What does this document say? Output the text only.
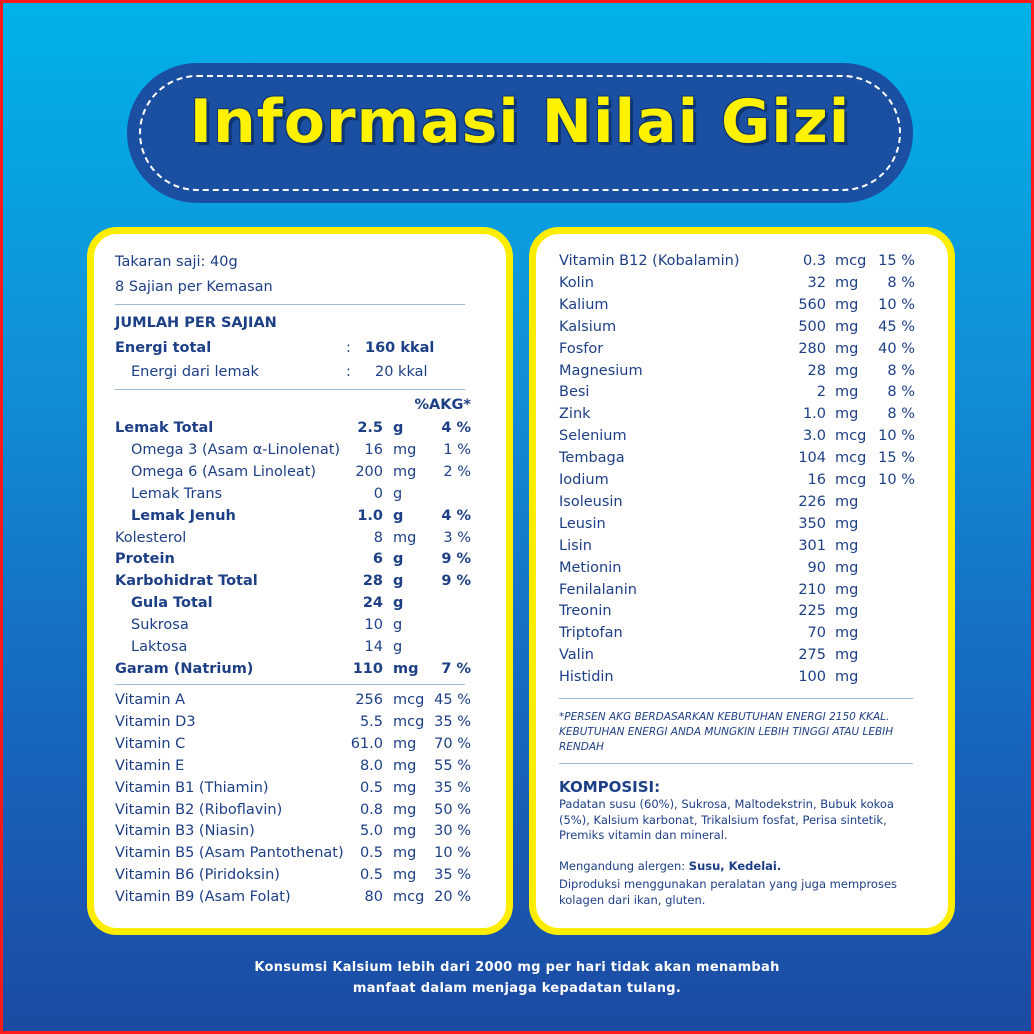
Informasi Nilai Gizi
Takaran saji: 40g
8 Sajian per Kemasan
JUMLAH PER SAJIAN
Energi total	: 160 kkal
Energi dari lemak	: 20 kkal
%AKG*
Lemak Total	2.5 g	4 %
Omega 3 (Asam α-Linolenat)	16 mg	1 %
Omega 6 (Asam Linoleat)	200 mg	2 %
Lemak Trans	0 g
Lemak Jenuh	1.0 g	4 %
Kolesterol	8 mg	3 %
Protein	6 g	9 %
Karbohidrat Total	28 g	9 %
Gula Total	24 g
Sukrosa	10 g
Laktosa	14 g
Garam (Natrium)	110 mg	7 %
Vitamin A	256 mcg 45 %
Vitamin D3	5.5 mcg 35 %
Vitamin C	61.0 mg	70 %
Vitamin E	8.0 mg	55 %
Vitamin B1 (Thiamin)	0.5 mg	35 %
Vitamin B2 (Riboflavin)	0.8 mg	50 %
Vitamin B3 (Niasin)	5.0 mg	30 %
Vitamin B5 (Asam Pantothenat)	0.5 mg	10 %
Vitamin B6 (Piridoksin)	0.5 mg	35 %
Vitamin B9 (Asam Folat)	80 mcg 20 %
Vitamin B12 (Kobalamin)	0.3 mcg 15 %
Kolin	32 mg	8 %
Kalium	560 mg	10 %
Kalsium	500 mg	45 %
Fosfor	280 mg	40 %
Magnesium	28 mg	8 %
Besi	2 mg	8 %
Zink	1.0 mg	8 %
Selenium	3.0 mcg 10 %
Tembaga	104 mcg 15 %
Iodium	16 mcg 10 %
Isoleusin	226 mg
Leusin	350 mg
Lisin	301 mg
Metionin	90 mg
Fenilalanin	210 mg
Treonin	225 mg
Triptofan	70 mg
Valin	275 mg
Histidin	100 mg
*PERSEN AKG BERDASARKAN KEBUTUHAN ENERGI 2150 KKAL.
KEBUTUHAN ENERGI ANDA MUNGKIN LEBIH TINGGI ATAU LEBIH
RENDAH
KOMPOSISI:
Padatan susu (60%), Sukrosa, Maltodekstrin, Bubuk kokoa
(5%), Kalsium karbonat, Trikalsium fosfat, Perisa sintetik,
Premiks vitamin dan mineral.
Mengandung alergen: Susu, Kedelai.
Diproduksi menggunakan peralatan yang juga memproses
kolagen dari ikan, gluten.
Konsumsi Kalsium lebih dari 2000 mg per hari tidak akan menambah
manfaat dalam menjaga kepadatan tulang.
